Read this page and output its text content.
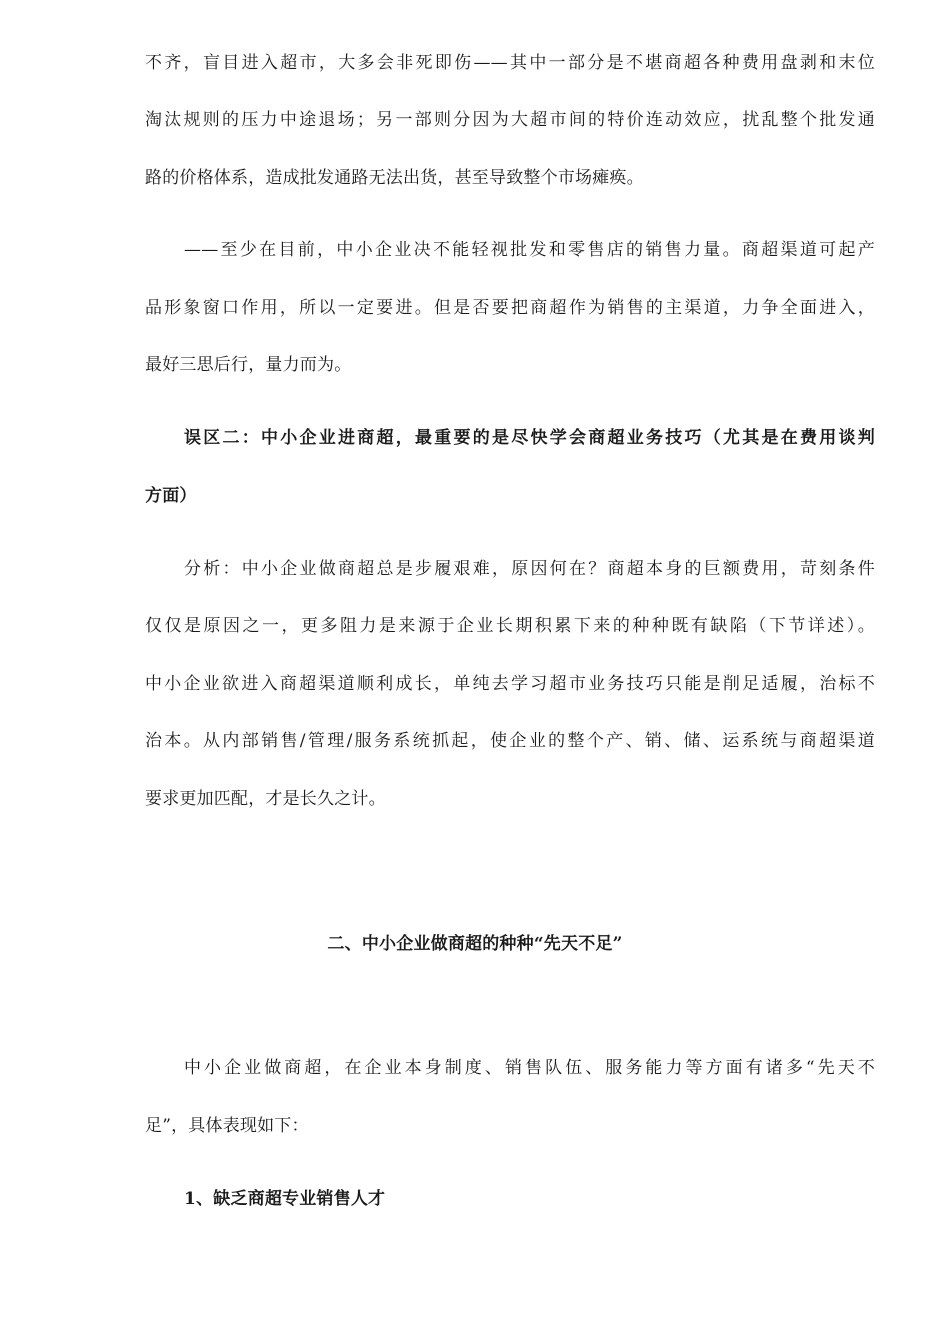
不齐，盲目进入超市，大多会非死即伤——其中一部分是不堪商超各种费用盘剥和末位
淘汰规则的压力中途退场；另一部则分因为大超市间的特价连动效应，扰乱整个批发通
路的价格体系，造成批发通路无法出货，甚至导致整个市场瘫痪。
——至少在目前，中小企业决不能轻视批发和零售店的销售力量。商超渠道可起产
品形象窗口作用，所以一定要进。但是否要把商超作为销售的主渠道，力争全面进入，
最好三思后行，量力而为。
误区二：中小企业进商超，最重要的是尽快学会商超业务技巧（尤其是在费用谈判
方面）
分析：中小企业做商超总是步履艰难，原因何在？商超本身的巨额费用，苛刻条件
仅仅是原因之一，更多阻力是来源于企业长期积累下来的种种既有缺陷（下节详述）。
中小企业欲进入商超渠道顺利成长，单纯去学习超市业务技巧只能是削足适履，治标不
治本。从内部销售/管理/服务系统抓起，使企业的整个产、销、储、运系统与商超渠道
要求更加匹配，才是长久之计。
二、中小企业做商超的种种“先天不足”
中小企业做商超，在企业本身制度、销售队伍、服务能力等方面有诸多“先天不
足”，具体表现如下：
1、缺乏商超专业销售人才
